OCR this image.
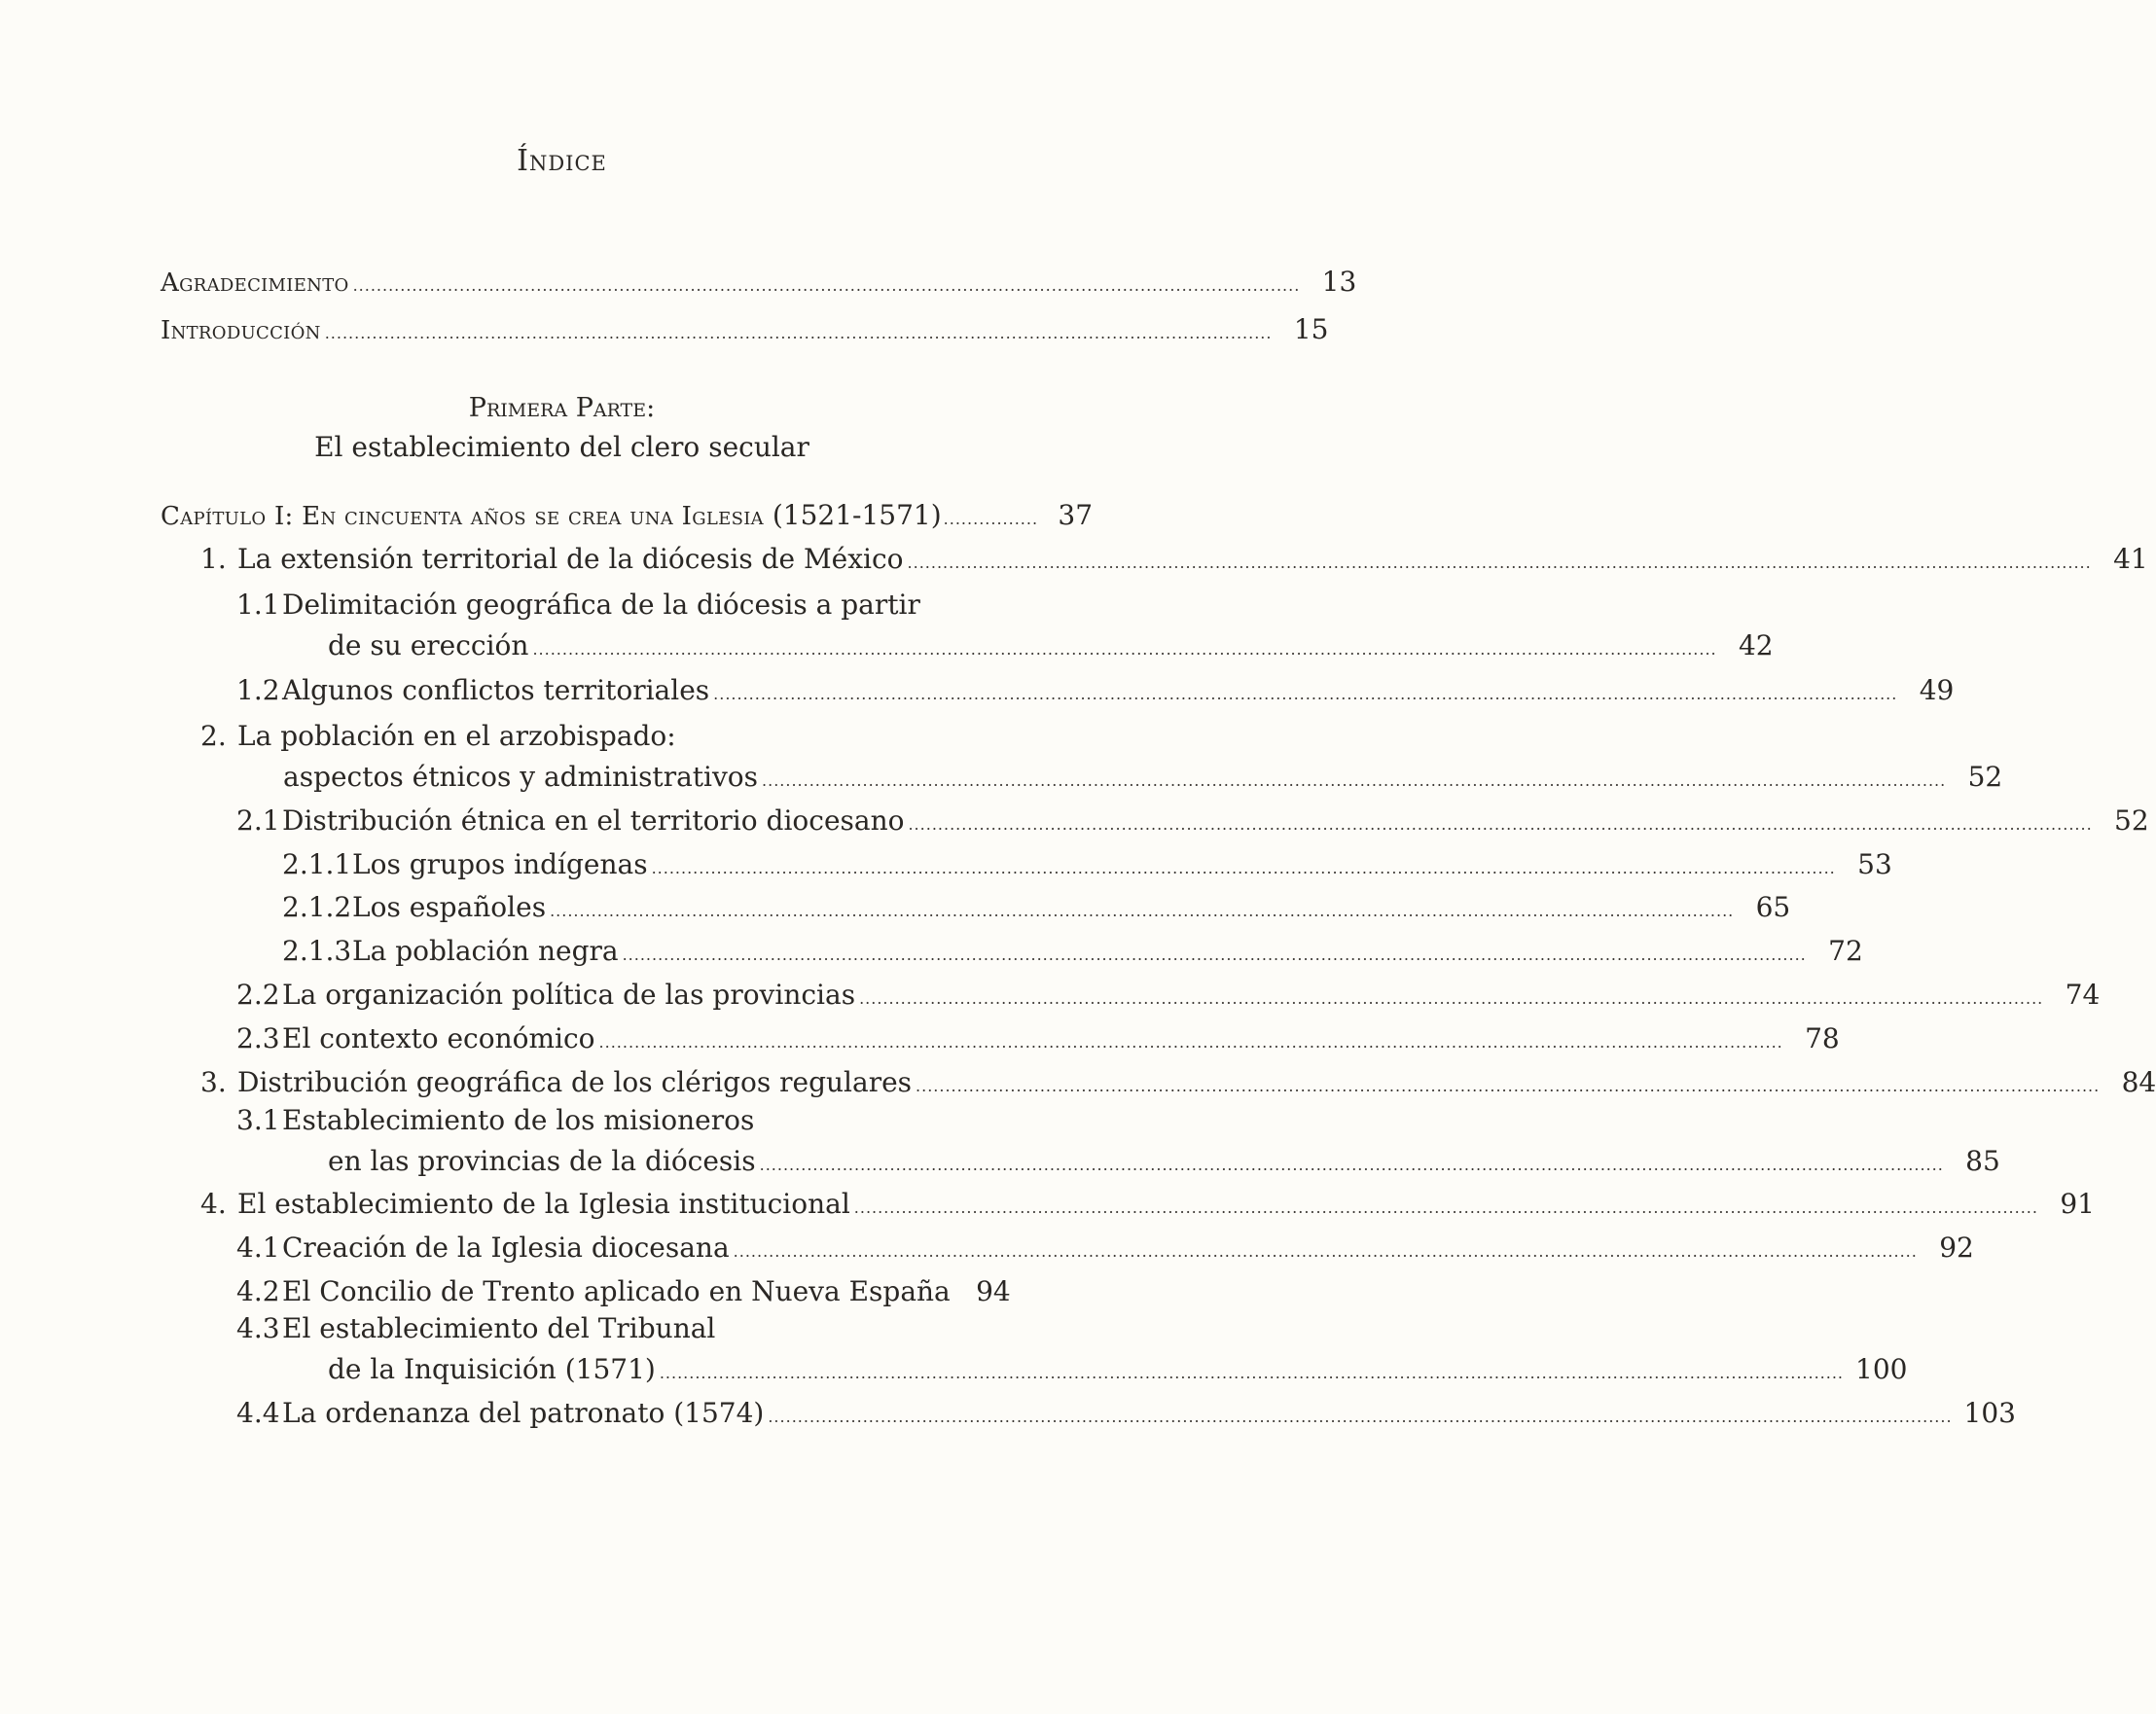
Índice
Agradecimiento ................................................................................................................................................................ 13
Introducción ................................................................................................................................................................ 15
Primera Parte:
El establecimiento del clero secular
Capítulo I: En cincuenta años se crea una Iglesia (1521-1571) ................ 37
1. La extensión territorial de la diócesis de México ........................................................................................................................................................................................................ 41
1.1 Delimitación geográfica de la diócesis a partir
de su erección ........................................................................................................................................................................................................ 42
1.2 Algunos conflictos territoriales ........................................................................................................................................................................................................ 49
2. La población en el arzobispado:
aspectos étnicos y administrativos ........................................................................................................................................................................................................ 52
2.1 Distribución étnica en el territorio diocesano ........................................................................................................................................................................................................ 52
2.1.1 Los grupos indígenas ........................................................................................................................................................................................................ 53
2.1.2 Los españoles ........................................................................................................................................................................................................ 65
2.1.3 La población negra ........................................................................................................................................................................................................ 72
2.2 La organización política de las provincias ........................................................................................................................................................................................................ 74
2.3 El contexto económico ........................................................................................................................................................................................................ 78
3. Distribución geográfica de los clérigos regulares ........................................................................................................................................................................................................ 84
3.1 Establecimiento de los misioneros
en las provincias de la diócesis ........................................................................................................................................................................................................ 85
4. El establecimiento de la Iglesia institucional ........................................................................................................................................................................................................ 91
4.1 Creación de la Iglesia diocesana ........................................................................................................................................................................................................ 92
4.2 El Concilio de Trento aplicado en Nueva España 94
4.3 El establecimiento del Tribunal
de la Inquisición (1571) ........................................................................................................................................................................................................ 100
4.4 La ordenanza del patronato (1574) ........................................................................................................................................................................................................ 103
